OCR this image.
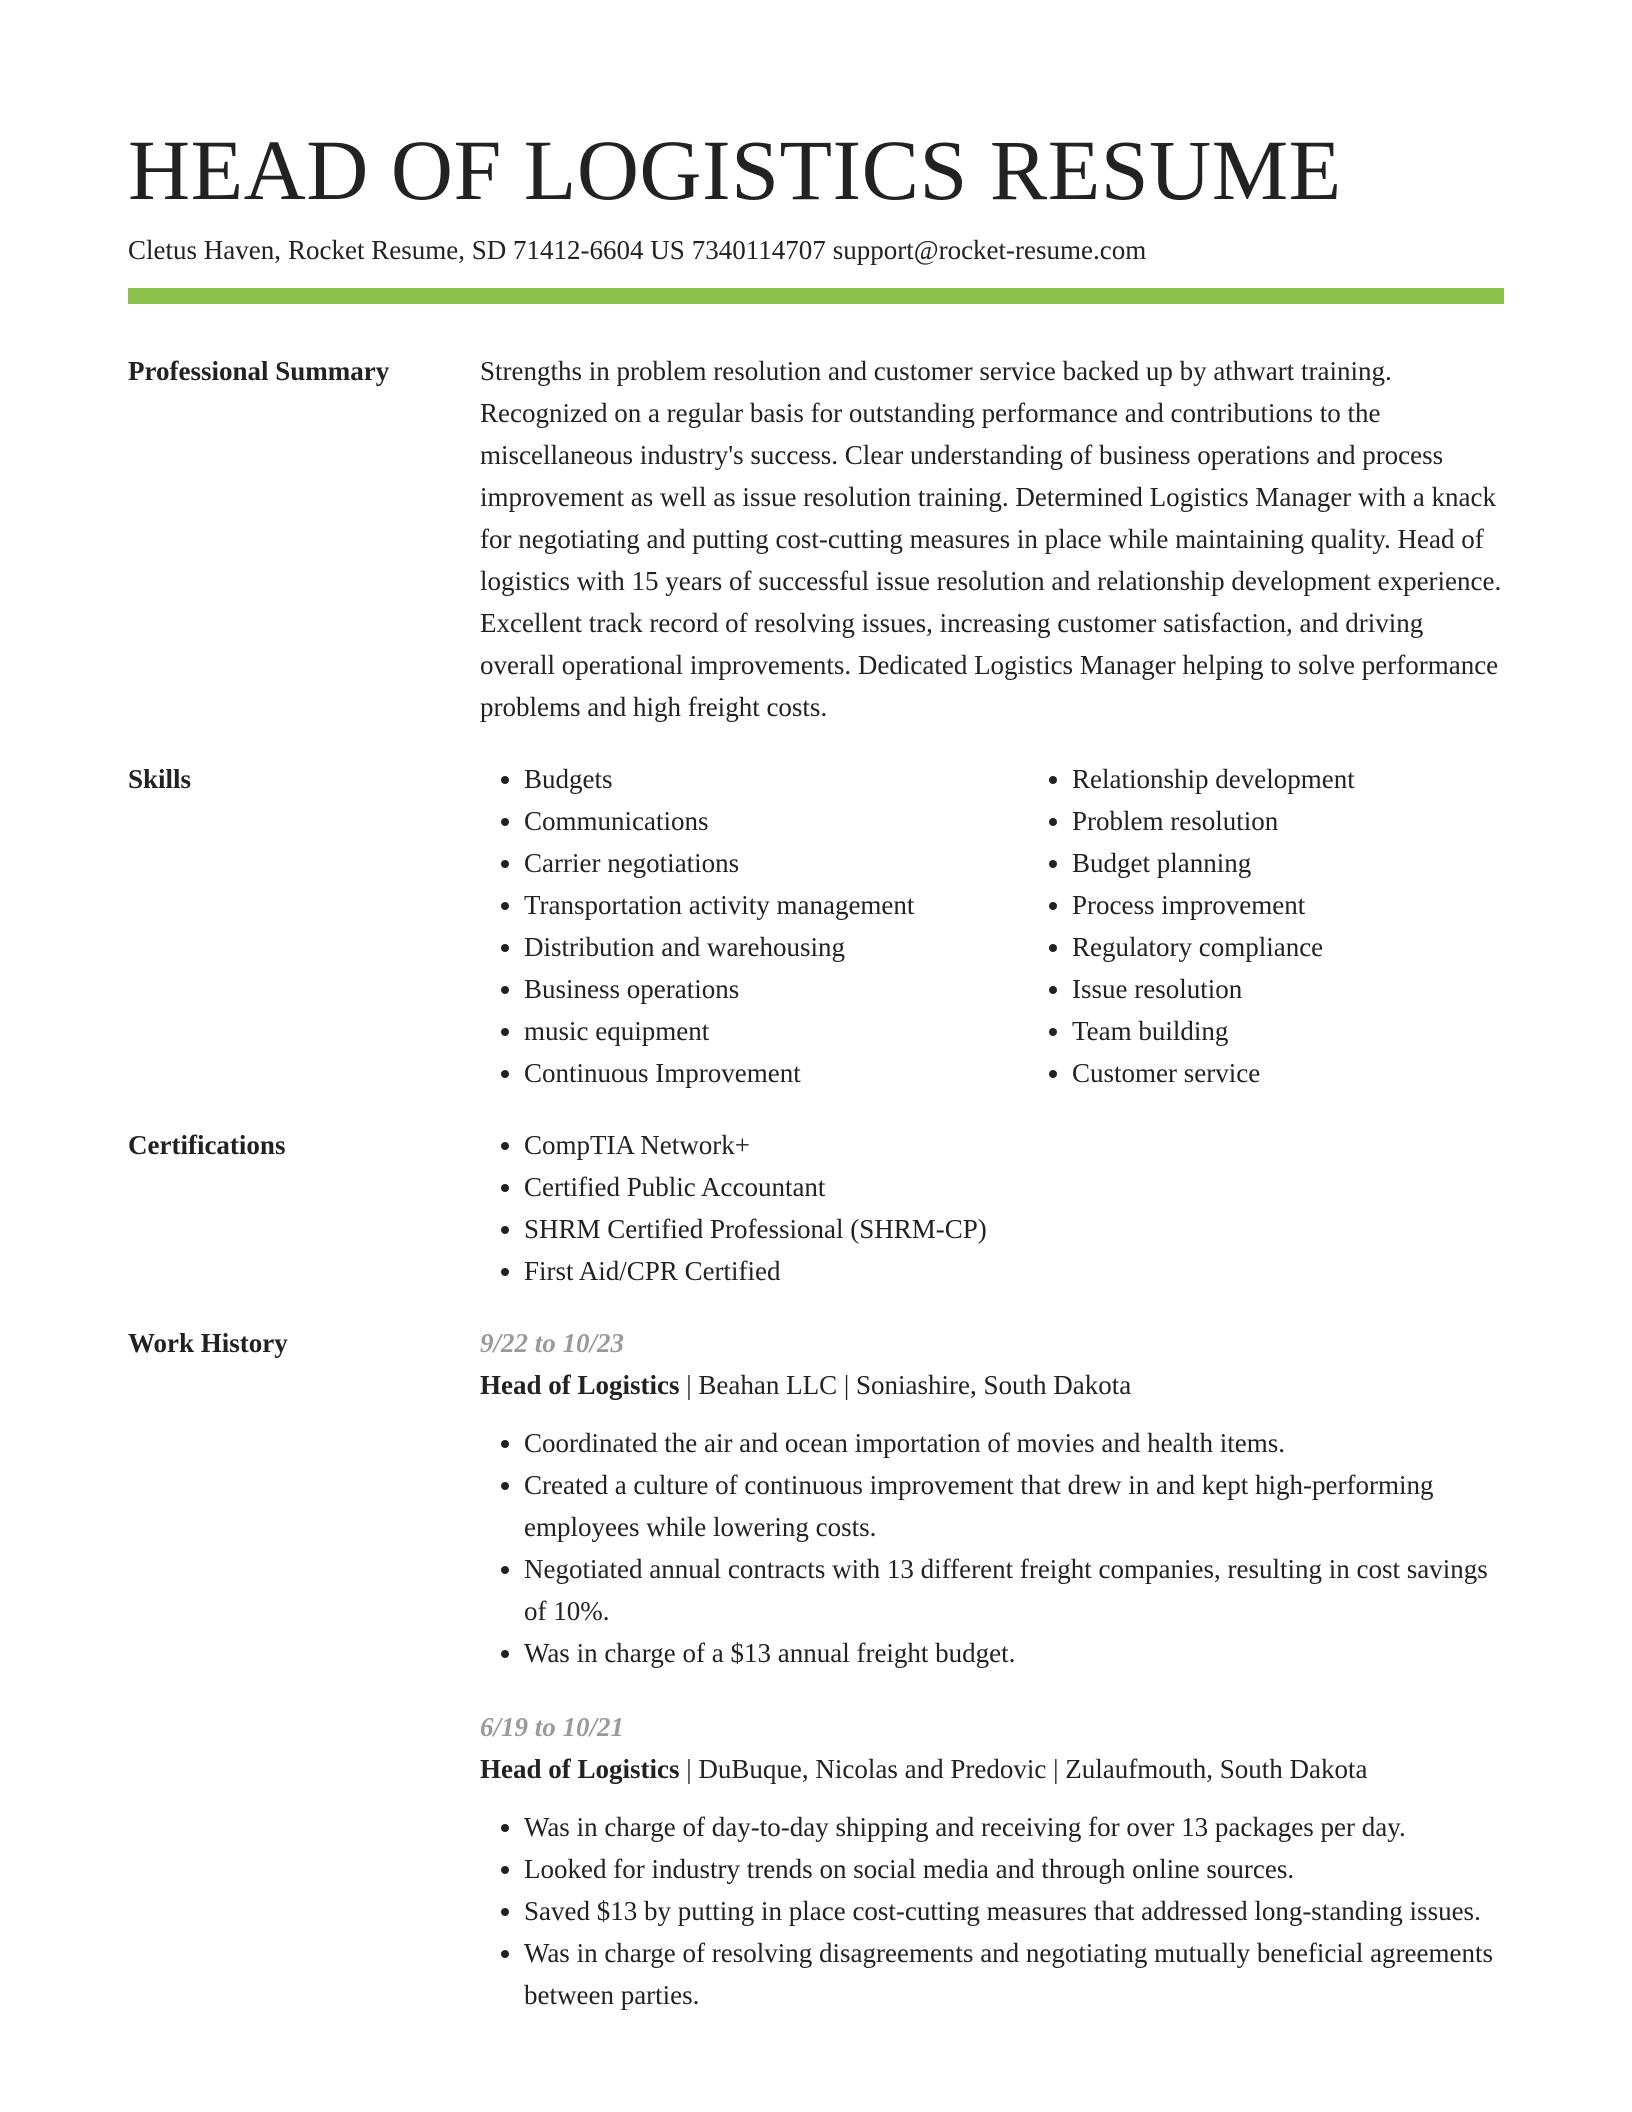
HEAD OF LOGISTICS RESUME
Cletus Haven, Rocket Resume, SD 71412-6604 US 7340114707 support@rocket-resume.com
Professional Summary	Strengths in problem resolution and customer service backed up by athwart training. Recognized on a regular basis for outstanding performance and contributions to the miscellaneous industry's success. Clear understanding of business operations and process improvement as well as issue resolution training. Determined Logistics Manager with a knack for negotiating and putting cost-cutting measures in place while maintaining quality. Head of logistics with 15 years of successful issue resolution and relationship development experience. Excellent track record of resolving issues, increasing customer satisfaction, and driving overall operational improvements. Dedicated Logistics Manager helping to solve performance problems and high freight costs.

Skills	• Budgets
• Communications
• Carrier negotiations
• Transportation activity management
• Distribution and warehousing
• Business operations
• music equipment
• Continuous Improvement
• Relationship development
• Problem resolution
• Budget planning
• Process improvement
• Regulatory compliance
• Issue resolution
• Team building
• Customer service
Certifications	• CompTIA Network+
• Certified Public Accountant
• SHRM Certified Professional (SHRM-CP)
• First Aid/CPR Certified
Work History	9/22 to 10/23
Head of Logistics | Beahan LLC | Soniashire, South Dakota
• Coordinated the air and ocean importation of movies and health items.
• Created a culture of continuous improvement that drew in and kept high-performing employees while lowering costs.
• Negotiated annual contracts with 13 different freight companies, resulting in cost savings of 10%.
• Was in charge of a $13 annual freight budget.
6/19 to 10/21
Head of Logistics | DuBuque, Nicolas and Predovic | Zulaufmouth, South Dakota
• Was in charge of day-to-day shipping and receiving for over 13 packages per day.
• Looked for industry trends on social media and through online sources.
• Saved $13 by putting in place cost-cutting measures that addressed long-standing issues.
• Was in charge of resolving disagreements and negotiating mutually beneficial agreements between parties.
